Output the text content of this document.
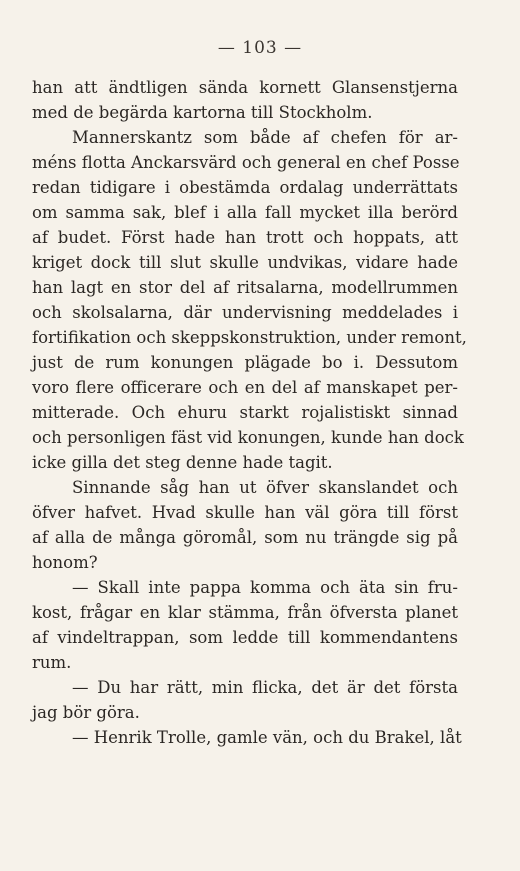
— 103 —
han att ändtligen sända kornett Glansenstjerna
med de begärda kartorna till Stockholm.
Mannerskantz som både af chefen för ar-
méns flotta Anckarsvärd och general en chef Posse
redan tidigare i obestämda ordalag underrättats
om samma sak, blef i alla fall mycket illa berörd
af budet. Först hade han trott och hoppats, att
kriget dock till slut skulle undvikas, vidare hade
han lagt en stor del af ritsalarna, modellrummen
och skolsalarna, där undervisning meddelades i
fortifikation och skeppskonstruktion, under remont,
just de rum konungen plägade bo i. Dessutom
voro flere officerare och en del af manskapet per-
mitterade. Och ehuru starkt rojalistiskt sinnad
och personligen fäst vid konungen, kunde han dock
icke gilla det steg denne hade tagit.
Sinnande såg han ut öfver skanslandet och
öfver hafvet. Hvad skulle han väl göra till först
af alla de många göromål, som nu trängde sig på
honom?
— Skall inte pappa komma och äta sin fru-
kost, frågar en klar stämma, från öfversta planet
af vindeltrappan, som ledde till kommendantens
rum.
— Du har rätt, min flicka, det är det första
jag bör göra.
— Henrik Trolle, gamle vän, och du Brakel, låt
